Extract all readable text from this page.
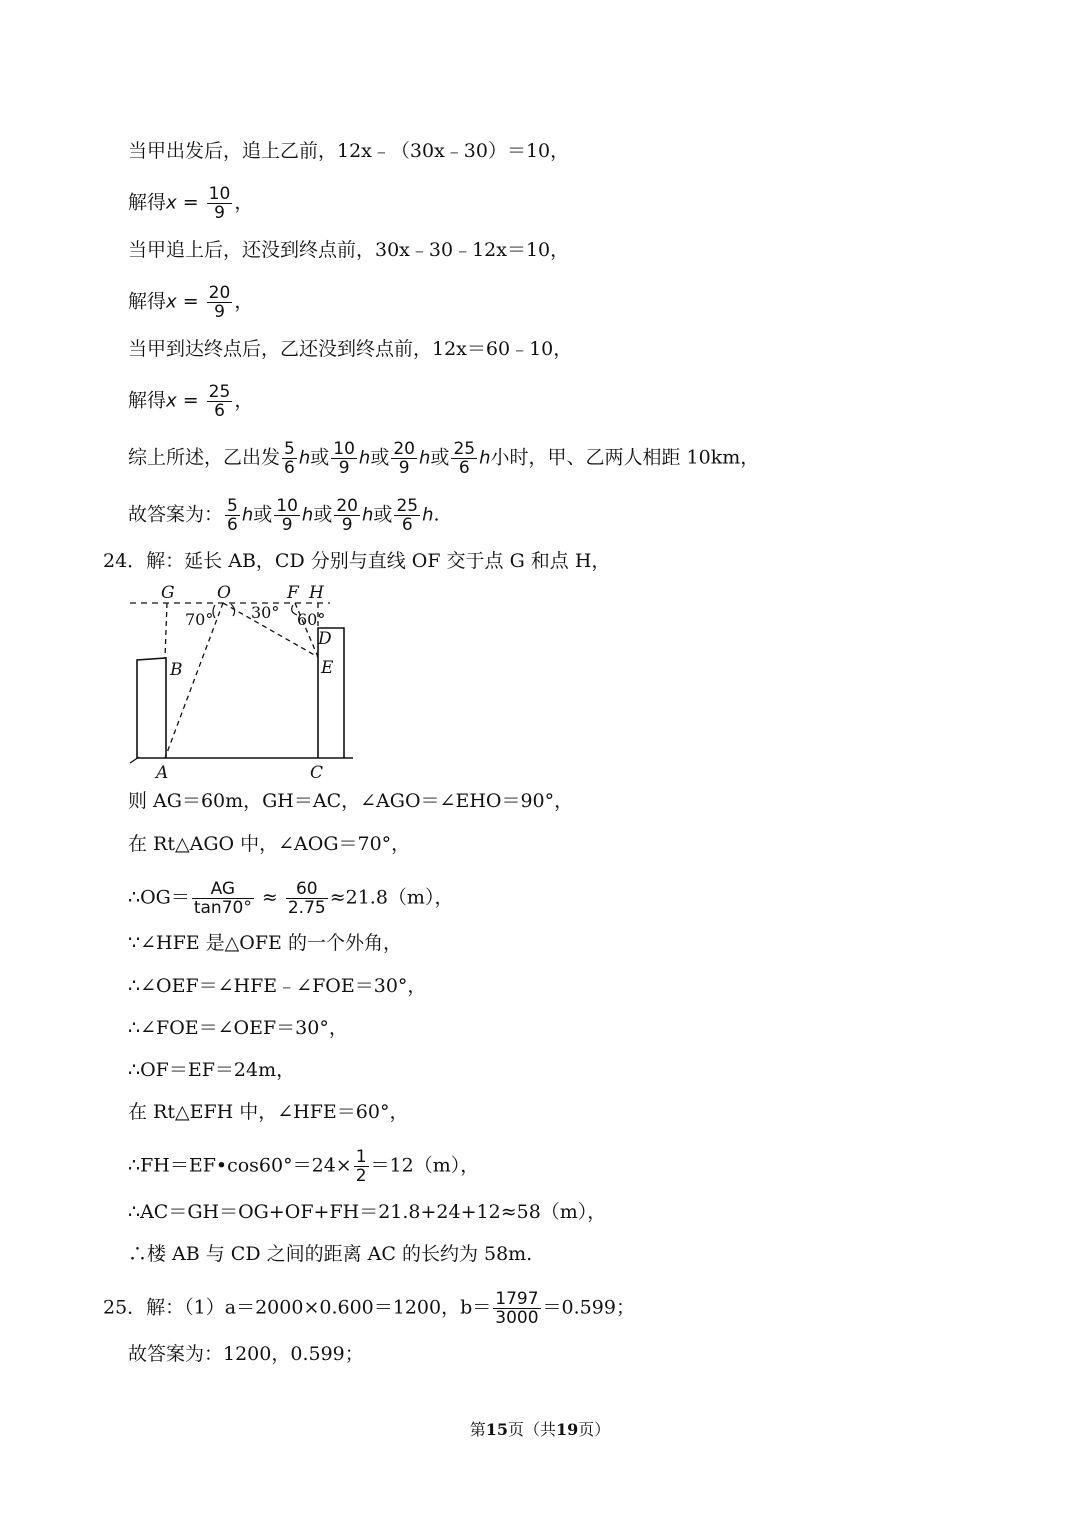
当甲出发后，追上乙前，12x﹣（30x﹣30）＝10，
解得$x = \frac{10}{9}$ ，
当甲追上后，还没到终点前，30x﹣30﹣12x＝10，
解得$x = \frac{20}{9}$ ，
当甲到达终点后，乙还没到终点前，12x＝60﹣10，
解得$x = \frac{25}{6}$ ，
综上所述，乙出发 $\frac{5}{6}$ h或 $\frac{10}{9}$ h或 $\frac{20}{9}$ h或 $\frac{25}{6}$ h小时，甲、乙两人相距 10km，
故答案为： $\frac{5}{6}$ h或 $\frac{10}{9}$ h或 $\frac{20}{9}$ h或 $\frac{25}{6} h$.
24．解：延长 AB，CD 分别与直线 OF 交于点 G 和点 H，
G O	F H
B
D
E
A	C
70° 30° 60°
则 AG＝60m，GH＝AC，∠AGO＝∠EHO＝90°，
在 Rt△AGO 中，∠AOG＝70°，
∴OG＝ $\frac{AG}{\tan 70^\circ} \approx \frac{60}{2.75} \approx 21.8(m)$，
∵∠HFE 是△OFE 的一个外角，
∴∠OEF＝∠HFE﹣∠FOE＝30°，
∴∠FOE＝∠OEF＝30°，
∴OF＝EF＝24m，
在 Rt△EFH 中，∠HFE＝60°，
∴FH＝EF•cos60°＝24× $\frac{1}{2} =12(m)$，
∴AC＝GH＝OG+OF+FH＝21.8+24+12≈58（m），
∴楼 AB 与 CD 之间的距离 AC 的长约为 58m.
25．解：（1）a＝2000×0.600＝1200，$b= \frac{1797}{3000} =0.599$；
故答案为：1200，0.599；
第15页（共19页）
